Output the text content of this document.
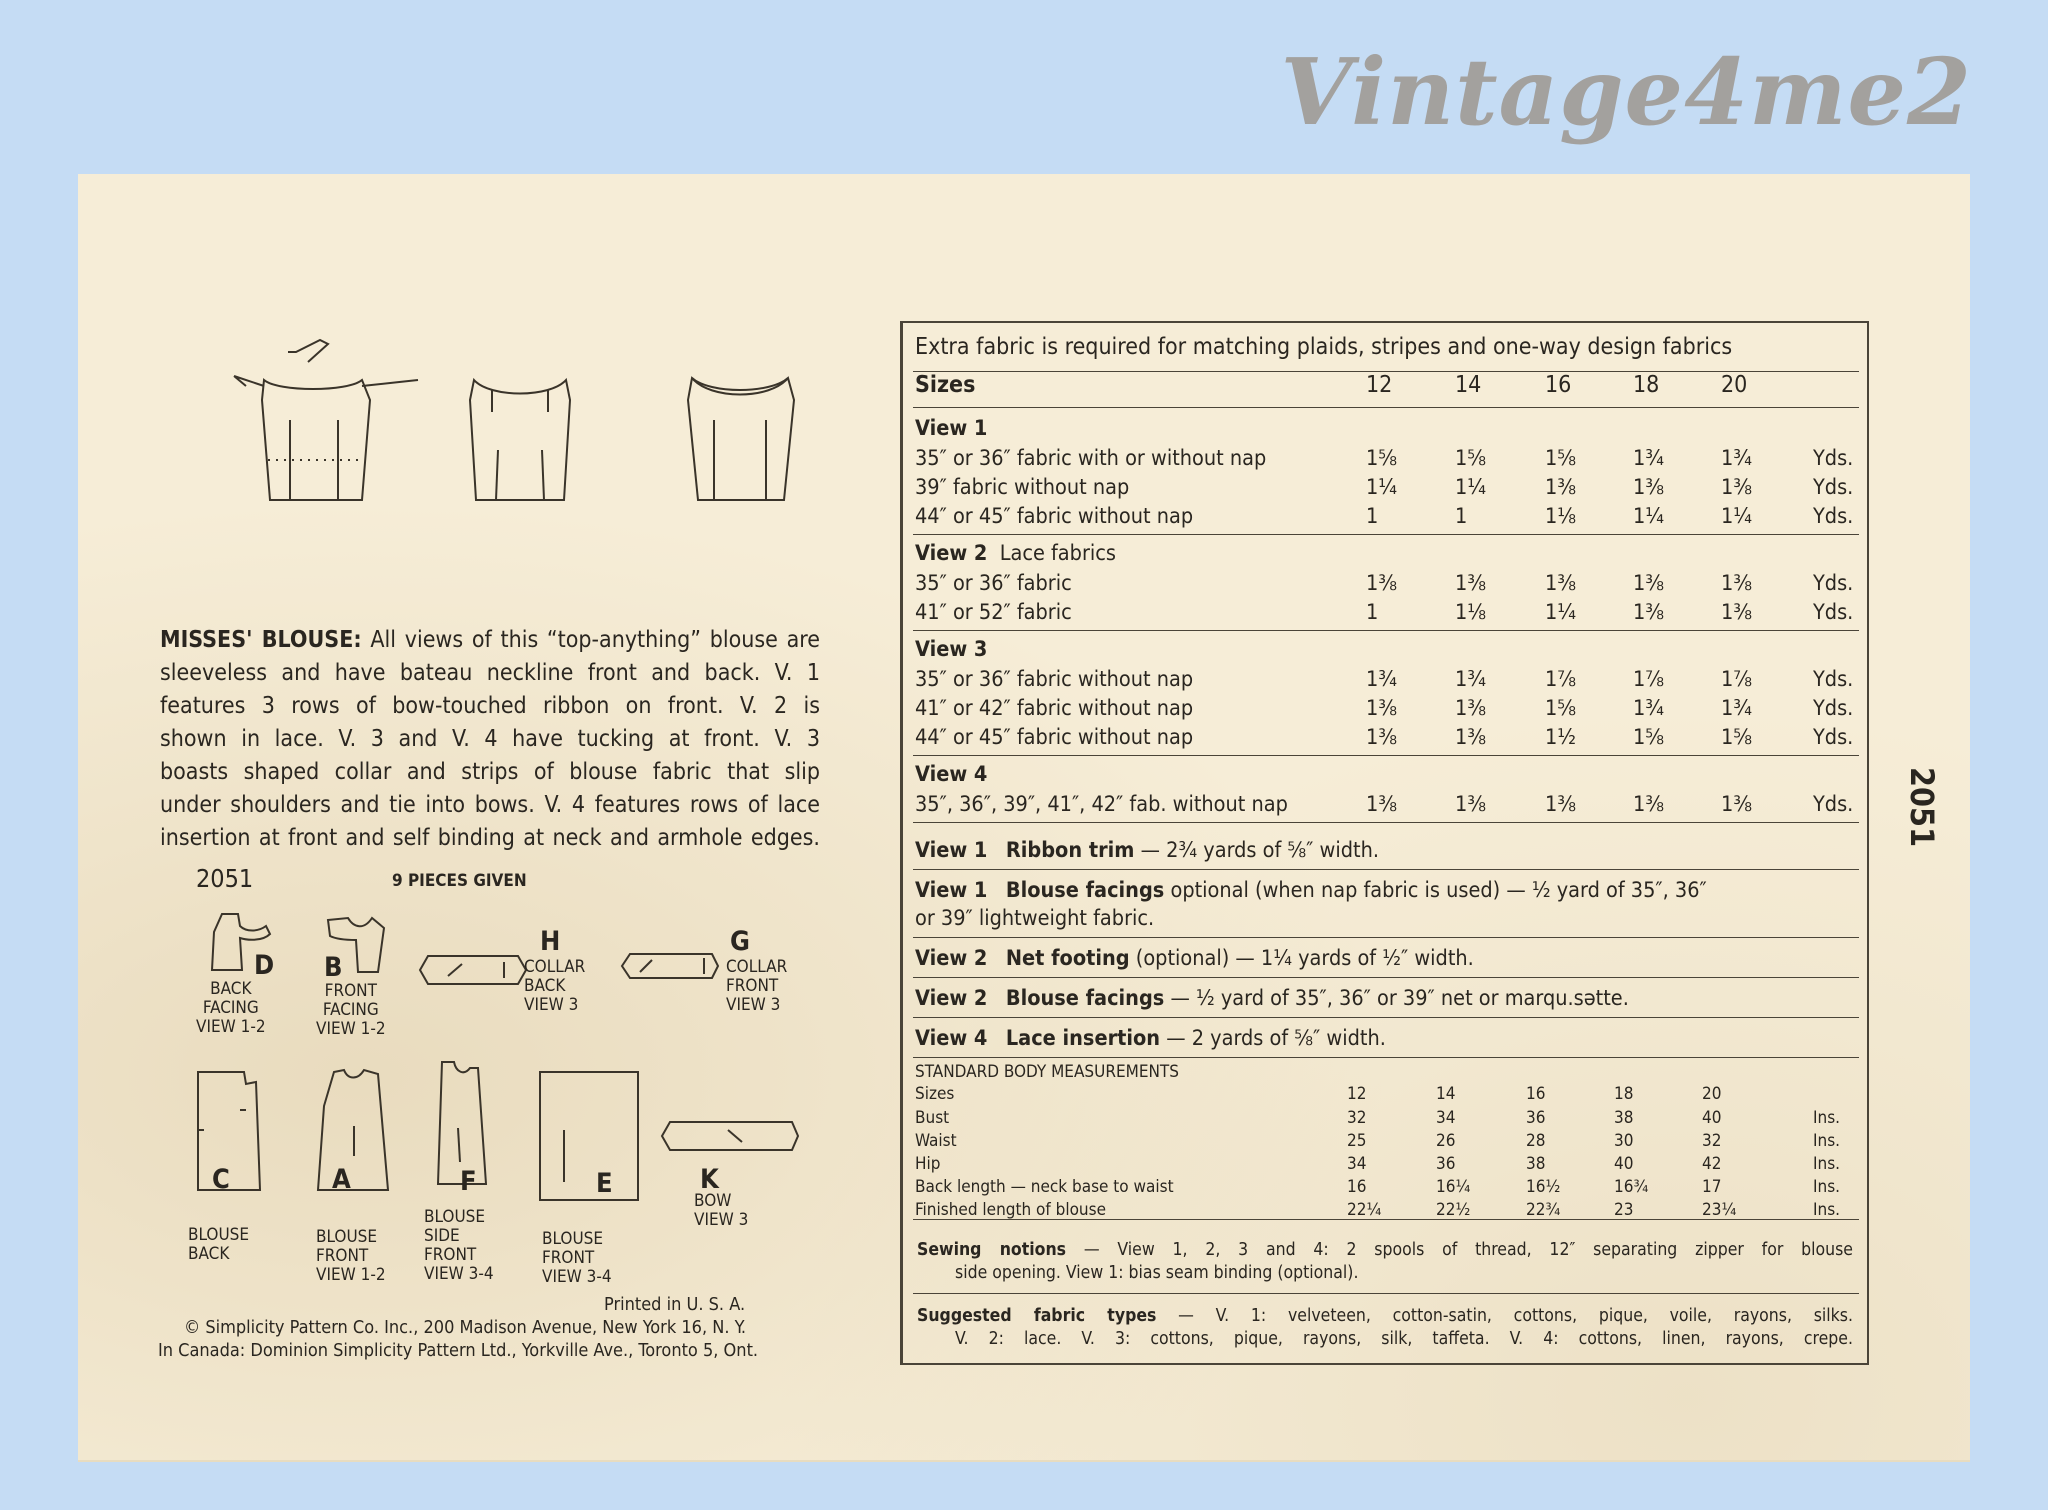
Vintage4me2
MISSES' BLOUSE: All views of this “top-anything” blouse are
sleeveless and have bateau neckline front and back. V. 1
features 3 rows of bow-touched ribbon on front. V. 2 is
shown in lace. V. 3 and V. 4 have tucking at front. V. 3
boasts shaped collar and strips of blouse fabric that slip
under shoulders and tie into bows. V. 4 features rows of lace
insertion at front and self binding at neck and armhole edges.
2051	9 PIECES GIVEN
D
BACK
FACING
VIEW 1-2
B
FRONT
FACING
VIEW 1-2
H
COLLAR
BACK
VIEW 3
G
COLLAR
FRONT
VIEW 3
C
BLOUSE
BACK
A
BLOUSE
FRONT
VIEW 1-2
F
BLOUSE
SIDE
FRONT
VIEW 3-4
E
BLOUSE
FRONT
VIEW 3-4
K
BOW
VIEW 3
Printed in U. S. A.
© Simplicity Pattern Co. Inc., 200 Madison Avenue, New York 16, N. Y.
In Canada: Dominion Simplicity Pattern Ltd., Yorkville Ave., Toronto 5, Ont.
2051
Extra fabric is required for matching plaids, stripes and one-way design fabrics
Sizes	12	14	16	18	20
View 1
35″ or 36″ fabric with or without nap	1⅝	1⅝	1⅝	1¾	1¾	Yds.
39″ fabric without nap	1¼	1¼	1⅜	1⅜	1⅜	Yds.
44″ or 45″ fabric without nap	1	1	1⅛	1¼	1¼	Yds.
View 2 Lace fabrics
35″ or 36″ fabric	1⅜	1⅜	1⅜	1⅜	1⅜	Yds.
41″ or 52″ fabric	1	1⅛	1¼	1⅜	1⅜	Yds.
View 3
35″ or 36″ fabric without nap	1¾	1¾	1⅞	1⅞	1⅞	Yds.
41″ or 42″ fabric without nap	1⅜	1⅜	1⅝	1¾	1¾	Yds.
44″ or 45″ fabric without nap	1⅜	1⅜	1½	1⅝	1⅝	Yds.
View 4
35″, 36″, 39″, 41″, 42″ fab. without nap	1⅜	1⅜	1⅜	1⅜	1⅜	Yds.
View 1 Ribbon trim — 2¾ yards of ⅝″ width.
View 1 Blouse facings optional (when nap fabric is used) — ½ yard of 35″, 36″
or 39″ lightweight fabric.
View 2 Net footing (optional) — 1¼ yards of ½″ width.
View 2 Blouse facings — ½ yard of 35″, 36″ or 39″ net or marqu.sətte.
View 4 Lace insertion — 2 yards of ⅝″ width.
STANDARD BODY MEASUREMENTS
Sizes	12	14	16	18	20
Bust	32	34	36	38	40	Ins.
Waist	25	26	28	30	32	Ins.
Hip	34	36	38	40	42	Ins.
Back length — neck base to waist	16	16¼	16½	16¾	17	Ins.
Finished length of blouse	22¼	22½	22¾	23	23¼	Ins.
Sewing notions — View 1, 2, 3 and 4: 2 spools of thread, 12″ separating zipper for blouse
side opening. View 1: bias seam binding (optional).
Suggested fabric types — V. 1: velveteen, cotton-satin, cottons, pique, voile, rayons, silks.
V. 2: lace. V. 3: cottons, pique, rayons, silk, taffeta. V. 4: cottons, linen, rayons, crepe.
